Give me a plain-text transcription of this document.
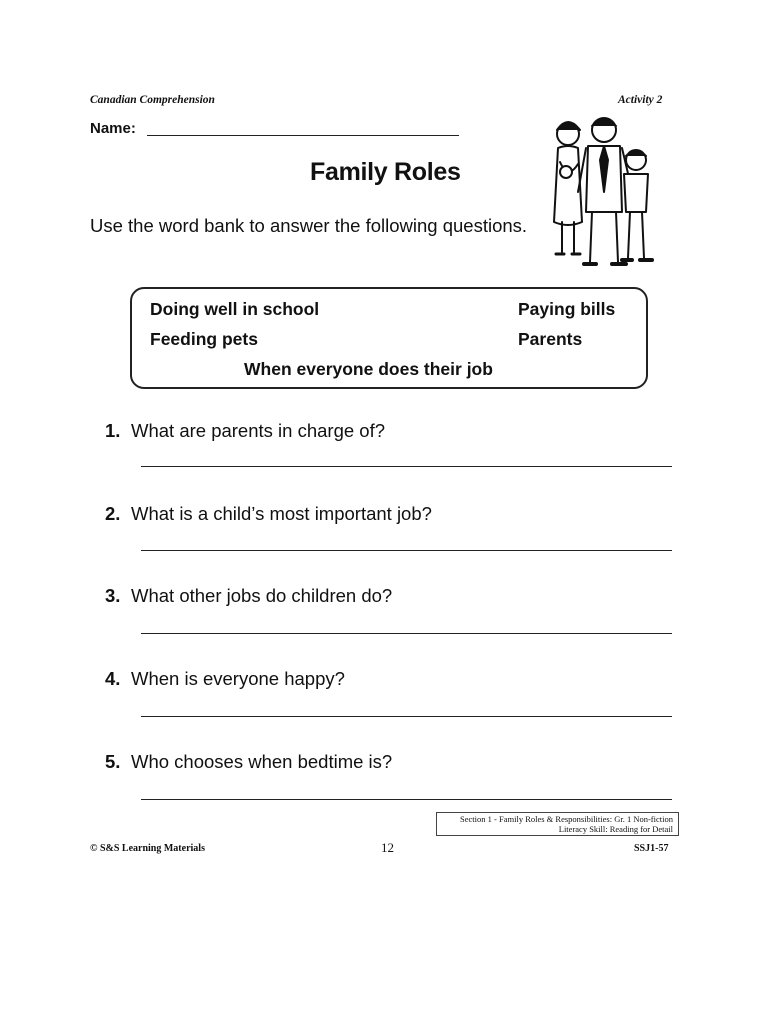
Canadian Comprehension	Activity 2
Name:
Family Roles
Use the word bank to answer the following questions.
Doing well in school	Paying bills
Feeding pets	Parents
When everyone does their job
1. What are parents in charge of?
2. What is a child’s most important job?
3. What other jobs do children do?
4. When is everyone happy?
5. Who chooses when bedtime is?
Section 1 - Family Roles & Responsibilities: Gr. 1 Non-fiction
Literacy Skill: Reading for Detail
© S&S Learning Materials	12	SSJ1-57
